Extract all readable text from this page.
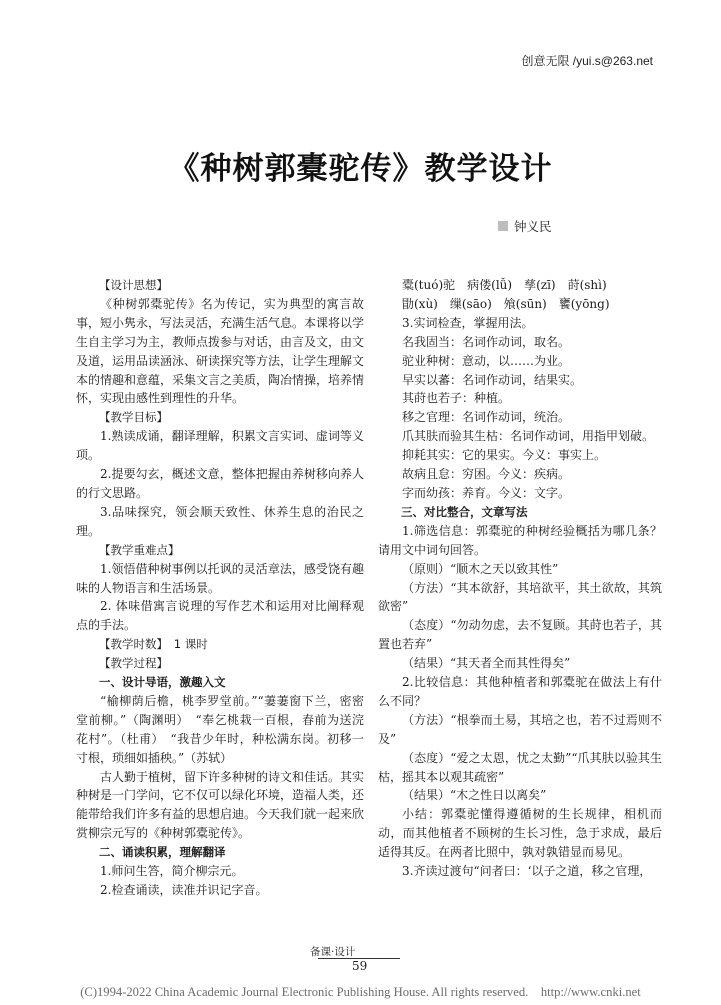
创意无限 /yui.s@263.net
《种树郭橐驼传》教学设计
钟义民

【设计思想】

《种树郭橐驼传》名为传记，实为典型的寓言故事，短小隽永，写法灵活，充满生活气息。本课将以学生自主学习为主，教师点拨参与对话，由言及文，由文及道，运用品读涵泳、研读探究等方法，让学生理解文本的情趣和意蕴，采集文言之美质，陶冶情操，培养情怀，实现由感性到理性的升华。

【教学目标】

1.熟读成诵，翻译理解，积累文言实词、虚词等义项。

2.提要勾玄，概述文意，整体把握由养树移向养人的行文思路。

3.品味探究，领会顺天致性、休养生息的治民之理。

【教学重难点】

1.领悟借种树事例以托讽的灵活章法，感受饶有趣味的人物语言和生活场景。

2. 体味借寓言说理的写作艺术和运用对比阐释观点的手法。

【教学时数】　1 课时

【教学过程】

一、设计导语，激趣入文

“榆柳荫后檐，桃李罗堂前。”“萋萋窗下兰，密密堂前柳。”（陶渊明）　“奉乞桃栽一百根，春前为送浣花村”。（杜甫）　“我昔少年时，种松满东岗。初移一寸根，琐细如插秧。”（苏轼）

古人勤于植树，留下许多种树的诗文和佳话。其实种树是一门学问，它不仅可以绿化环境，造福人类，还能带给我们许多有益的思想启迪。今天我们就一起来欣赏柳宗元写的《种树郭橐驼传》。

二、诵读积累，理解翻译

1.师问生答，简介柳宗元。

2.检查诵读，读准并识记字音。

橐(tuó)驼　病偻(lǚ)　孳(zī)　莳(shì)

勖(xù)　缫(sāo)　飧(sūn)　饔(yōng)

3.实词检查，掌握用法。

名我固当：名词作动词，取名。

驼业种树：意动，以……为业。

早实以蕃：名词作动词，结果实。

其莳也若子：种植。

移之官理：名词作动词，统治。

爪其肤而验其生枯：名词作动词，用指甲划破。

抑耗其实：它的果实。今义：事实上。

故病且怠：穷困。今义：疾病。

字而幼孩：养育。今义：文字。

三、对比整合，文章写法

1.筛选信息：郭橐驼的种树经验概括为哪几条？请用文中词句回答。

（原则）“顺木之天以致其性”

（方法）“其本欲舒，其培欲平，其土欲故，其筑欲密”

（态度）“勿动勿虑，去不复顾。其莳也若子，其置也若弃”

（结果）“其天者全而其性得矣”

2.比较信息：其他种植者和郭橐驼在做法上有什么不同？

（方法）“根拳而土易，其培之也，若不过焉则不及”

（态度）“爱之太恩，忧之太勤”“爪其肤以验其生枯，摇其本以观其疏密”

（结果）“木之性日以离矣”

小结：郭橐驼懂得遵循树的生长规律，相机而动，而其他植者不顾树的生长习性，急于求成，最后适得其反。在两者比照中，孰对孰错显而易见。

3.齐读过渡句“问者曰：‘以子之道，移之官理，

备课·设计
59
(C)1994-2022 China Academic Journal Electronic Publishing House. All rights reserved.　http://www.cnki.net
